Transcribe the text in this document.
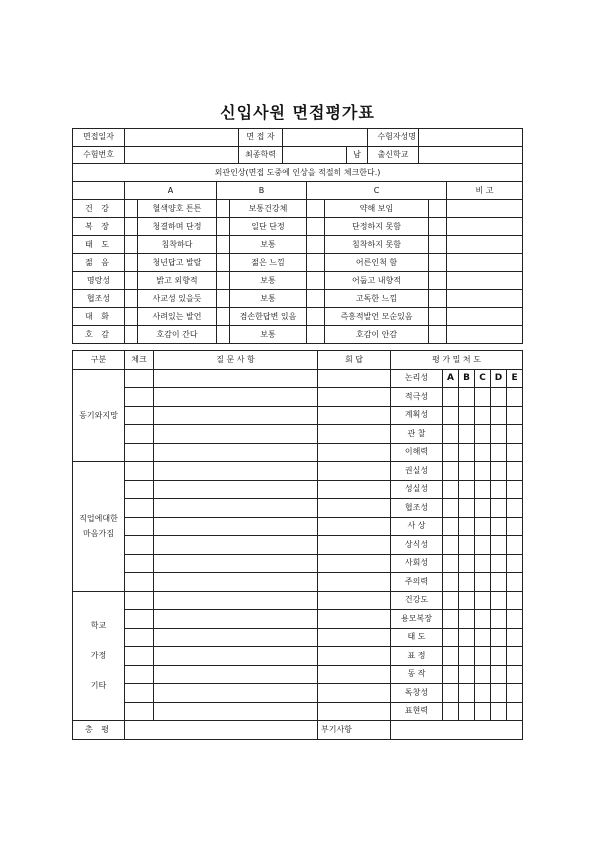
신입사원 면접평가표
면접일자		면 접 자			수험자성명	
수험번호		최종학력		남	출신학교	
외관인상(면접 도중에 인상을 적절히 체크한다.)								
	A		B		C			비 고
건 강		혈색양호 튼튼		보통건강체		약해 보임		
복 장		청결하며 단정		일단 단정		단정하지 못함		
태 도		침착하다		보통		침착하지 못함		
젊 음		청년답고 발랄		젊은 느낌		어른인척 함		
명랑성		밝고 외향적		보통		어둡고 내향적		
협조성		사교성 있을듯		보통		고독한 느낌		
대 화		사려있는 발언		겸손한답변 있음		즉흥적발언 모순있음		
호 감		호감이 간다		보통		호감이 안감		
구분	체크	질 문 사 항	회 답	평 가 밀 처 도					

동기와지망				논리성	A	B	C	D	E
				적극성					
				계획성					
				관 찰					
				이해력					

직업에대한
마음가짐				권실성					
				성실성					
				협조성					
				사 상					
				상식성					
				사회성					
				주의력					

학교
가정
기타				건강도					
				용모복장					
				태 도					
				표 정					
				동 작					
				독창성					
				표현력					
총 평			부기사항						
